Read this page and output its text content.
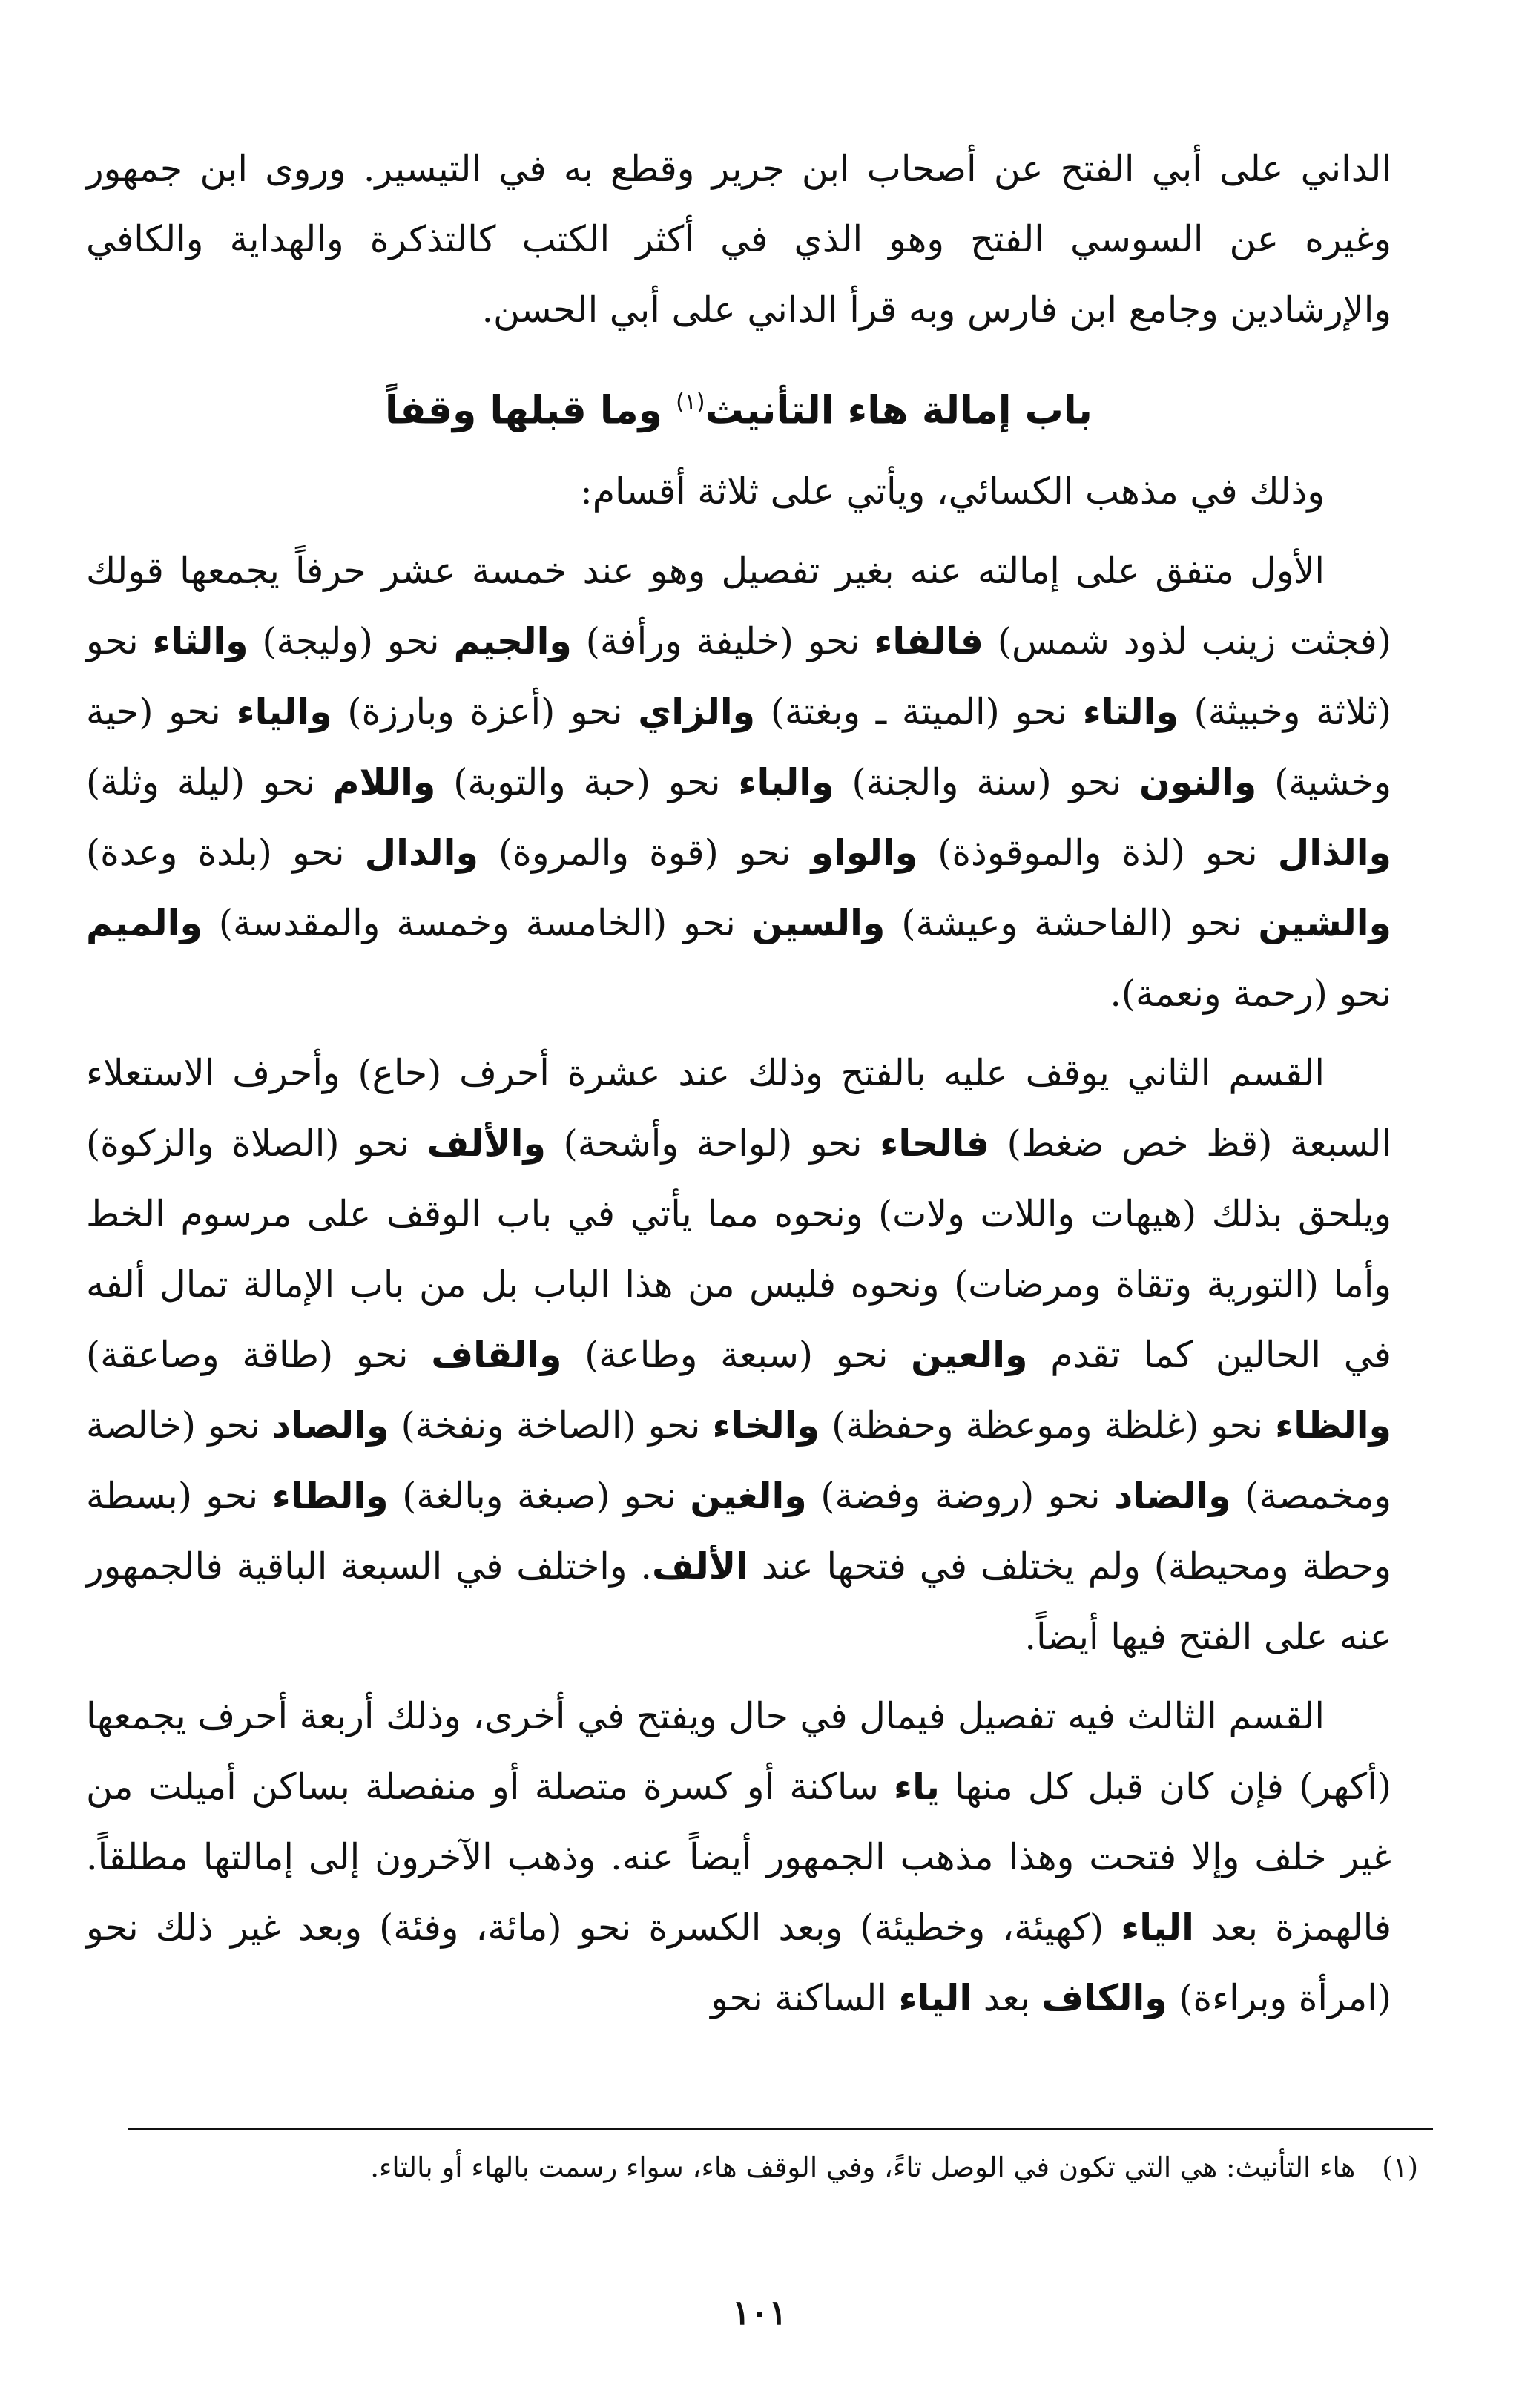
الداني على أبي الفتح عن أصحاب ابن جرير وقطع به في التيسير. وروى ابن جمهور وغيره عن السوسي الفتح وهو الذي في أكثر الكتب كالتذكرة والهداية والكافي والإرشادين وجامع ابن فارس وبه قرأ الداني على أبي الحسن.

باب إمالة هاء التأنيث$^{(١)}$ وما قبلها وقفاً

وذلك في مذهب الكسائي، ويأتي على ثلاثة أقسام:

الأول متفق على إمالته عنه بغير تفصيل وهو عند خمسة عشر حرفاً يجمعها قولك (فجثت زينب لذود شمس) فالفاء نحو (خليفة ورأفة) والجيم نحو (وليجة) والثاء نحو (ثلاثة وخبيثة) والتاء نحو (الميتة ـ وبغتة) والزاي نحو (أعزة وبارزة) والياء نحو (حية وخشية) والنون نحو (سنة والجنة) والباء نحو (حبة والتوبة) واللام نحو (ليلة وثلة) والذال نحو (لذة والموقوذة) والواو نحو (قوة والمروة) والدال نحو (بلدة وعدة) والشين نحو (الفاحشة وعيشة) والسين نحو (الخامسة وخمسة والمقدسة) والميم نحو (رحمة ونعمة).

القسم الثاني يوقف عليه بالفتح وذلك عند عشرة أحرف (حاع) وأحرف الاستعلاء السبعة (قظ خص ضغط) فالحاء نحو (لواحة وأشحة) والألف نحو (الصلاة والزكوة) ويلحق بذلك (هيهات واللات ولات) ونحوه مما يأتي في باب الوقف على مرسوم الخط وأما (التورية وتقاة ومرضات) ونحوه فليس من هذا الباب بل من باب الإمالة تمال ألفه في الحالين كما تقدم والعين نحو (سبعة وطاعة) والقاف نحو (طاقة وصاعقة) والظاء نحو (غلظة وموعظة وحفظة) والخاء نحو (الصاخة ونفخة) والصاد نحو (خالصة ومخمصة) والضاد نحو (روضة وفضة) والغين نحو (صبغة وبالغة) والطاء نحو (بسطة وحطة ومحيطة) ولم يختلف في فتحها عند الألف. واختلف في السبعة الباقية فالجمهور عنه على الفتح فيها أيضاً.

القسم الثالث فيه تفصيل فيمال في حال ويفتح في أخرى، وذلك أربعة أحرف يجمعها (أكهر) فإن كان قبل كل منها ياء ساكنة أو كسرة متصلة أو منفصلة بساكن أميلت من غير خلف وإلا فتحت وهذا مذهب الجمهور أيضاً عنه. وذهب الآخرون إلى إمالتها مطلقاً. فالهمزة بعد الياء (كهيئة، وخطيئة) وبعد الكسرة نحو (مائة، وفئة) وبعد غير ذلك نحو (امرأة وبراءة) والكاف بعد الياء الساكنة نحو

(١)هاء التأنيث: هي التي تكون في الوصل تاءً، وفي الوقف هاء، سواء رسمت بالهاء أو بالتاء.
١٠١
